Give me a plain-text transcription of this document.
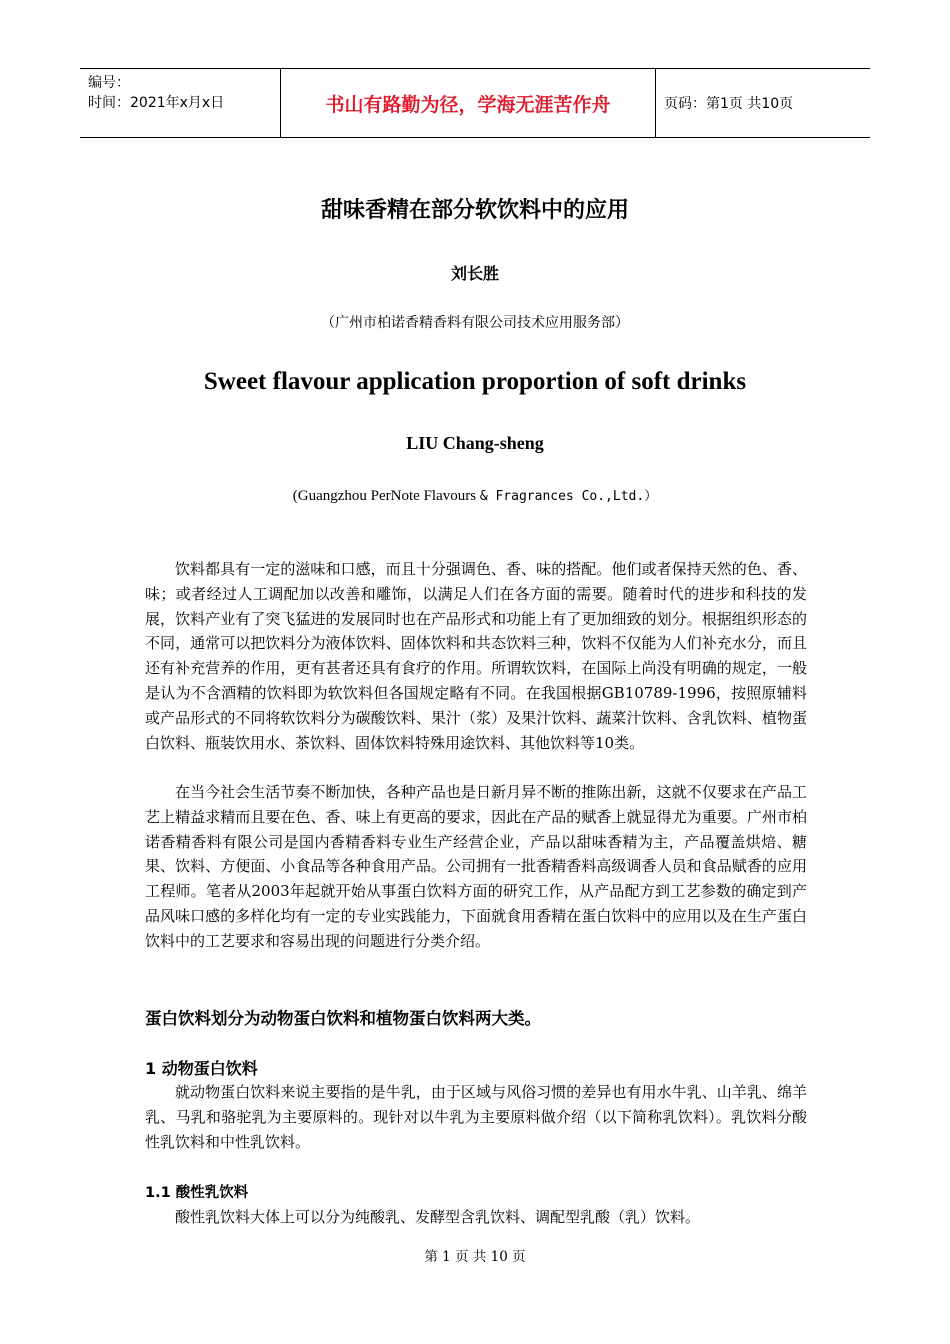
编号：
时间：2021年x月x日	书山有路勤为径，学海无涯苦作舟	页码：第1页 共10页
甜味香精在部分软饮料中的应用
刘长胜
（广州市柏诺香精香料有限公司技术应用服务部）
Sweet flavour application proportion of soft drinks
LIU Chang-sheng
(Guangzhou PerNote Flavours & Fragrances Co.,Ltd.）

饮料都具有一定的滋味和口感，而且十分强调色、香、味的搭配。他们或者保持天然的色、香、味；或者经过人工调配加以改善和雕饰，以满足人们在各方面的需要。随着时代的进步和科技的发展，饮料产业有了突飞猛进的发展同时也在产品形式和功能上有了更加细致的划分。根据组织形态的不同，通常可以把饮料分为液体饮料、固体饮料和共态饮料三种，饮料不仅能为人们补充水分，而且还有补充营养的作用，更有甚者还具有食疗的作用。所谓软饮料，在国际上尚没有明确的规定，一般是认为不含酒精的饮料即为软饮料但各国规定略有不同。在我国根据GB10789-1996，按照原辅料或产品形式的不同将软饮料分为碳酸饮料、果汁（浆）及果汁饮料、蔬菜汁饮料、含乳饮料、植物蛋白饮料、瓶装饮用水、茶饮料、固体饮料特殊用途饮料、其他饮料等10类。

在当今社会生活节奏不断加快，各种产品也是日新月异不断的推陈出新，这就不仅要求在产品工艺上精益求精而且要在色、香、味上有更高的要求，因此在产品的赋香上就显得尤为重要。广州市柏诺香精香料有限公司是国内香精香料专业生产经营企业，产品以甜味香精为主，产品覆盖烘焙、糖果、饮料、方便面、小食品等各种食用产品。公司拥有一批香精香料高级调香人员和食品赋香的应用工程师。笔者从2003年起就开始从事蛋白饮料方面的研究工作，从产品配方到工艺参数的确定到产品风味口感的多样化均有一定的专业实践能力，下面就食用香精在蛋白饮料中的应用以及在生产蛋白饮料中的工艺要求和容易出现的问题进行分类介绍。

蛋白饮料划分为动物蛋白饮料和植物蛋白饮料两大类。
1 动物蛋白饮料

就动物蛋白饮料来说主要指的是牛乳，由于区域与风俗习惯的差异也有用水牛乳、山羊乳、绵羊乳、马乳和骆驼乳为主要原料的。现针对以牛乳为主要原料做介绍（以下简称乳饮料）。乳饮料分酸性乳饮料和中性乳饮料。

1.1 酸性乳饮料

酸性乳饮料大体上可以分为纯酸乳、发酵型含乳饮料、调配型乳酸（乳）饮料。

第 1 页 共 10 页
